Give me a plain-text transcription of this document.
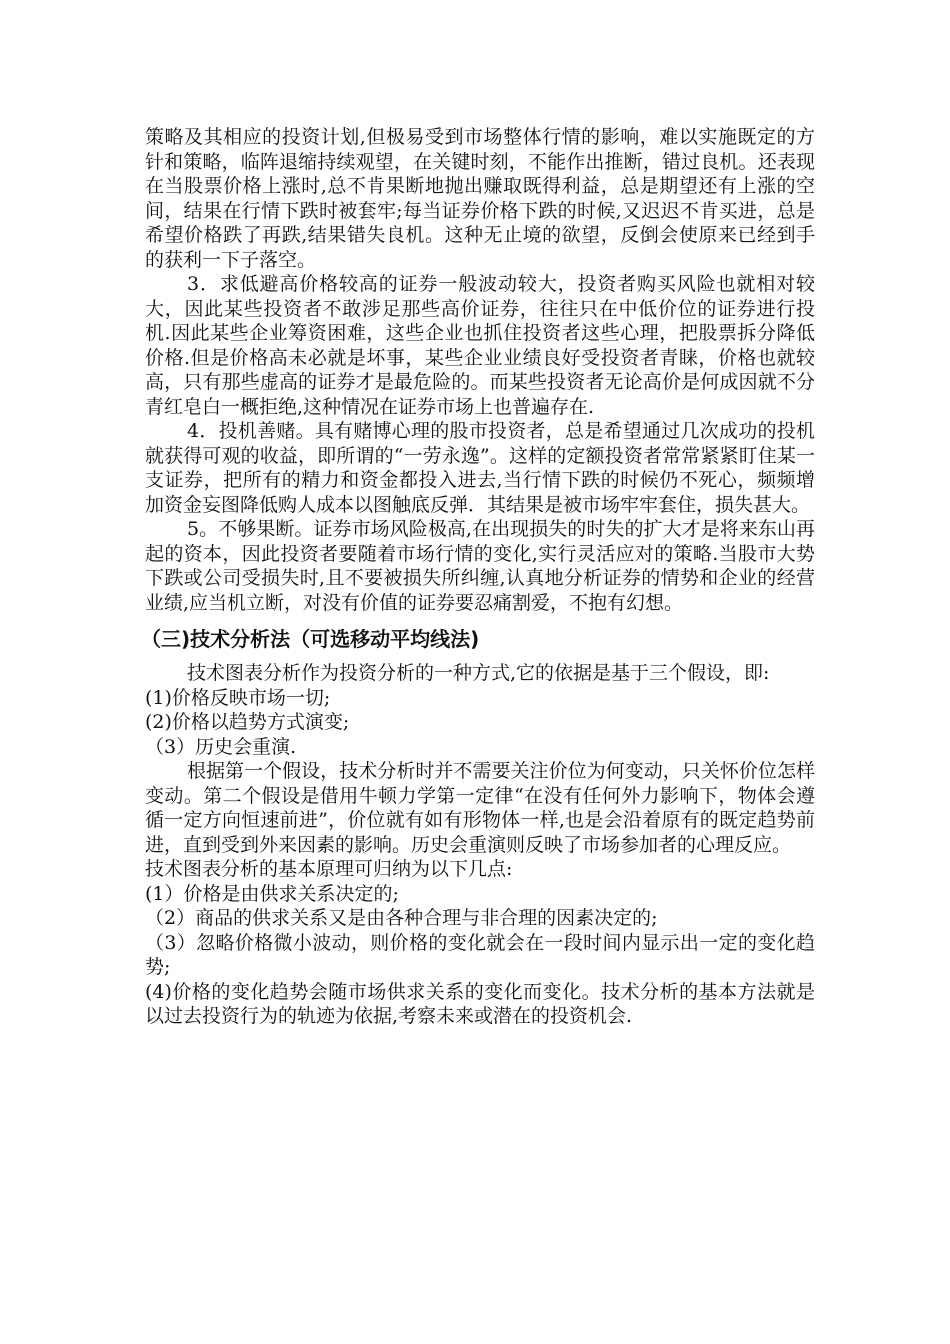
策略及其相应的投资计划,但极易受到市场整体行情的影响，难以实施既定的方针和策略，临阵退缩持续观望，在关键时刻，不能作出推断，错过良机。还表现在当股票价格上涨时,总不肯果断地抛出赚取既得利益，总是期望还有上涨的空间，结果在行情下跌时被套牢;每当证券价格下跌的时候,又迟迟不肯买进，总是希望价格跌了再跌,结果错失良机。这种无止境的欲望，反倒会使原来已经到手的获利一下子落空。

3．求低避高价格较高的证券一般波动较大，投资者购买风险也就相对较大，因此某些投资者不敢涉足那些高价证券，往往只在中低价位的证券进行投机.因此某些企业筹资困难，这些企业也抓住投资者这些心理，把股票拆分降低价格.但是价格高未必就是坏事，某些企业业绩良好受投资者青睐，价格也就较高，只有那些虚高的证券才是最危险的。而某些投资者无论高价是何成因就不分青红皂白一概拒绝,这种情况在证券市场上也普遍存在.

4．投机善赌。具有赌博心理的股市投资者，总是希望通过几次成功的投机就获得可观的收益，即所谓的“一劳永逸”。这样的定额投资者常常紧紧盯住某一支证券，把所有的精力和资金都投入进去,当行情下跌的时候仍不死心，频频增加资金妄图降低购人成本以图触底反弹．其结果是被市场牢牢套住，损失甚大。

5。不够果断。证券市场风险极高,在出现损失的时失的扩大才是将来东山再起的资本，因此投资者要随着市场行情的变化,实行灵活应对的策略.当股市大势下跌或公司受损失时,且不要被损失所纠缠,认真地分析证券的情势和企业的经营业绩,应当机立断，对没有价值的证券要忍痛割爱，不抱有幻想。

（三)技术分析法（可选移动平均线法)

技术图表分析作为投资分析的一种方式,它的依据是基于三个假设，即:

(1)价格反映市场一切;

(2)价格以趋势方式演变;

（3）历史会重演.

根据第一个假设，技术分析时并不需要关注价位为何变动，只关怀价位怎样变动。第二个假设是借用牛顿力学第一定律“在没有任何外力影响下，物体会遵循一定方向恒速前进”，价位就有如有形物体一样,也是会沿着原有的既定趋势前进，直到受到外来因素的影响。历史会重演则反映了市场参加者的心理反应。

技术图表分析的基本原理可归纳为以下几点:

(1）价格是由供求关系决定的;

（2）商品的供求关系又是由各种合理与非合理的因素决定的;

（3）忽略价格微小波动，则价格的变化就会在一段时间内显示出一定的变化趋势;

(4)价格的变化趋势会随市场供求关系的变化而变化。技术分析的基本方法就是以过去投资行为的轨迹为依据,考察未来或潜在的投资机会.
